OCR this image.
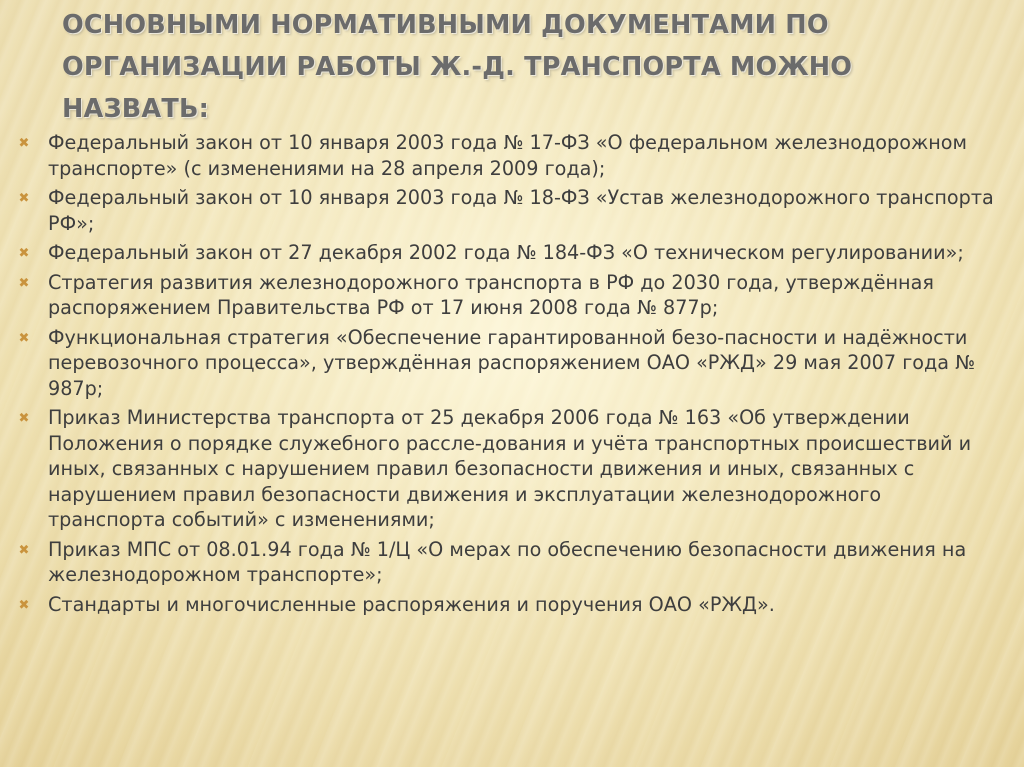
ОСНОВНЫМИ НОРМАТИВНЫМИ ДОКУМЕНТАМИ ПО ОРГАНИЗАЦИИ РАБОТЫ Ж.-Д. ТРАНСПОРТА МОЖНО НАЗВАТЬ:
✖ Федеральный закон от 10 января 2003 года № 17-ФЗ «О федеральном железнодорожном транспорте» (с изменениями на 28 апреля 2009 года);
✖ Федеральный закон от 10 января 2003 года № 18-ФЗ «Устав железнодорожного транспорта РФ»;
✖ Федеральный закон от 27 декабря 2002 года № 184-ФЗ «О техническом регулировании»;
✖ Стратегия развития железнодорожного транспорта в РФ до 2030 года, утверждённая распоряжением Правительства РФ от 17 июня 2008 года № 877р;
✖ Функциональная стратегия «Обеспечение гарантированной безо-пасности и надёжности перевозочного процесса», утверждённая распоряжением ОАО «РЖД» 29 мая 2007 года № 987р;
✖ Приказ Министерства транспорта от 25 декабря 2006 года № 163 «Об утверждении Положения о порядке служебного рассле-дования и учёта транспортных происшествий и иных, связанных с нарушением правил безопасности движения и иных, связанных с нарушением правил безопасности движения и эксплуатации железнодорожного транспорта событий» с изменениями;
✖ Приказ МПС от 08.01.94 года № 1/Ц «О мерах по обеспечению безопасности движения на железнодорожном транспорте»;
✖ Стандарты и многочисленные распоряжения и поручения ОАО «РЖД».
